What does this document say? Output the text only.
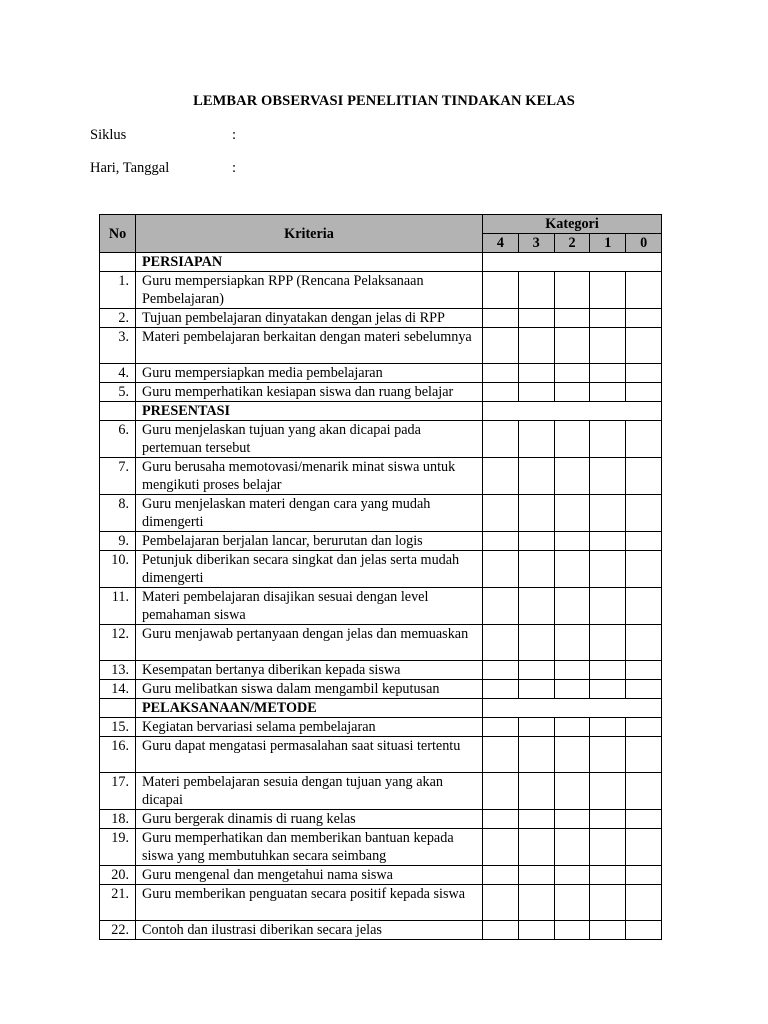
LEMBAR OBSERVASI PENELITIAN TINDAKAN KELAS
Siklus	:
Hari, Tanggal	:
No	Kriteria	Kategori				
		4	3	2	1	0
	PERSIAPAN					
1.	Guru mempersiapkan RPP (Rencana Pelaksanaan Pembelajaran)					
2.	Tujuan pembelajaran dinyatakan dengan jelas di RPP					
3.	Materi pembelajaran berkaitan dengan materi sebelumnya					
4.	Guru mempersiapkan media pembelajaran					
5.	Guru memperhatikan kesiapan siswa dan ruang belajar					
	PRESENTASI					
6.	Guru menjelaskan tujuan yang akan dicapai pada pertemuan tersebut					
7.	Guru berusaha memotovasi/menarik minat siswa untuk mengikuti proses belajar					
8.	Guru menjelaskan materi dengan cara yang mudah dimengerti					
9.	Pembelajaran berjalan lancar, berurutan dan logis					
10.	Petunjuk diberikan secara singkat dan jelas serta mudah dimengerti					
11.	Materi pembelajaran disajikan sesuai dengan level pemahaman siswa					
12.	Guru menjawab pertanyaan dengan jelas dan memuaskan					
13.	Kesempatan bertanya diberikan kepada siswa					
14.	Guru melibatkan siswa dalam mengambil keputusan					
	PELAKSANAAN/METODE					
15.	Kegiatan bervariasi selama pembelajaran					
16.	Guru dapat mengatasi permasalahan saat situasi tertentu					
17.	Materi pembelajaran sesuia dengan tujuan yang akan dicapai					
18.	Guru bergerak dinamis di ruang kelas					
19.	Guru memperhatikan dan memberikan bantuan kepada siswa yang membutuhkan secara seimbang					
20.	Guru mengenal dan mengetahui nama siswa					
21.	Guru memberikan penguatan secara positif kepada siswa					
22.	Contoh dan ilustrasi diberikan secara jelas					
